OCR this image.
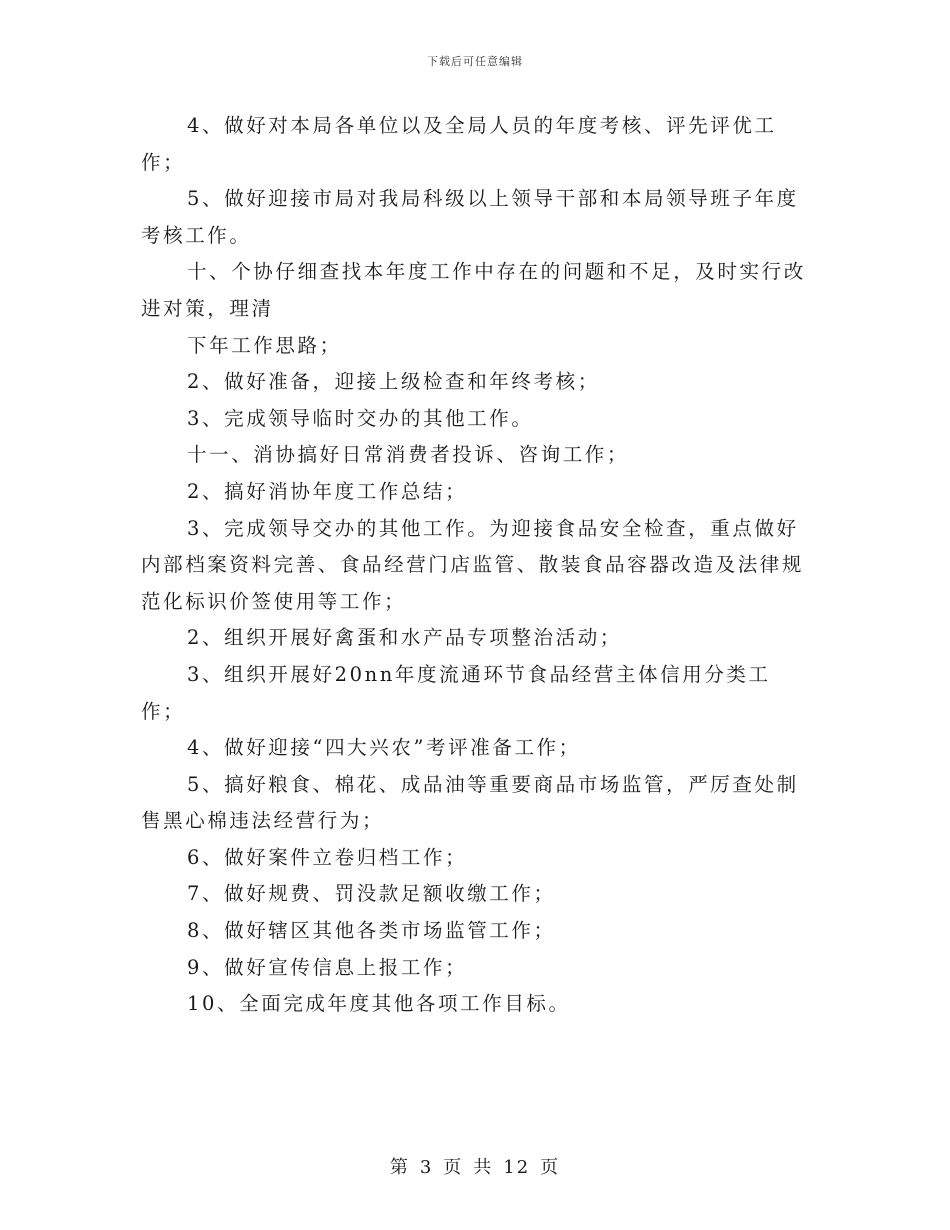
下载后可任意编辑

4、做好对本局各单位以及全局人员的年度考核、评先评优工作；

5、做好迎接市局对我局科级以上领导干部和本局领导班子年度考核工作。

十、个协仔细查找本年度工作中存在的问题和不足，及时实行改进对策，理清

下年工作思路；

2、做好准备，迎接上级检查和年终考核；

3、完成领导临时交办的其他工作。

十一、消协搞好日常消费者投诉、咨询工作；

2、搞好消协年度工作总结；

3、完成领导交办的其他工作。为迎接食品安全检查，重点做好内部档案资料完善、食品经营门店监管、散装食品容器改造及法律规范化标识价签使用等工作；

2、组织开展好禽蛋和水产品专项整治活动；

3、组织开展好20nn年度流通环节食品经营主体信用分类工作；

4、做好迎接“四大兴农”考评准备工作；

5、搞好粮食、棉花、成品油等重要商品市场监管，严厉查处制售黑心棉违法经营行为；

6、做好案件立卷归档工作；

7、做好规费、罚没款足额收缴工作；

8、做好辖区其他各类市场监管工作；

9、做好宣传信息上报工作；

10、全面完成年度其他各项工作目标。

第 3 页 共 12 页
